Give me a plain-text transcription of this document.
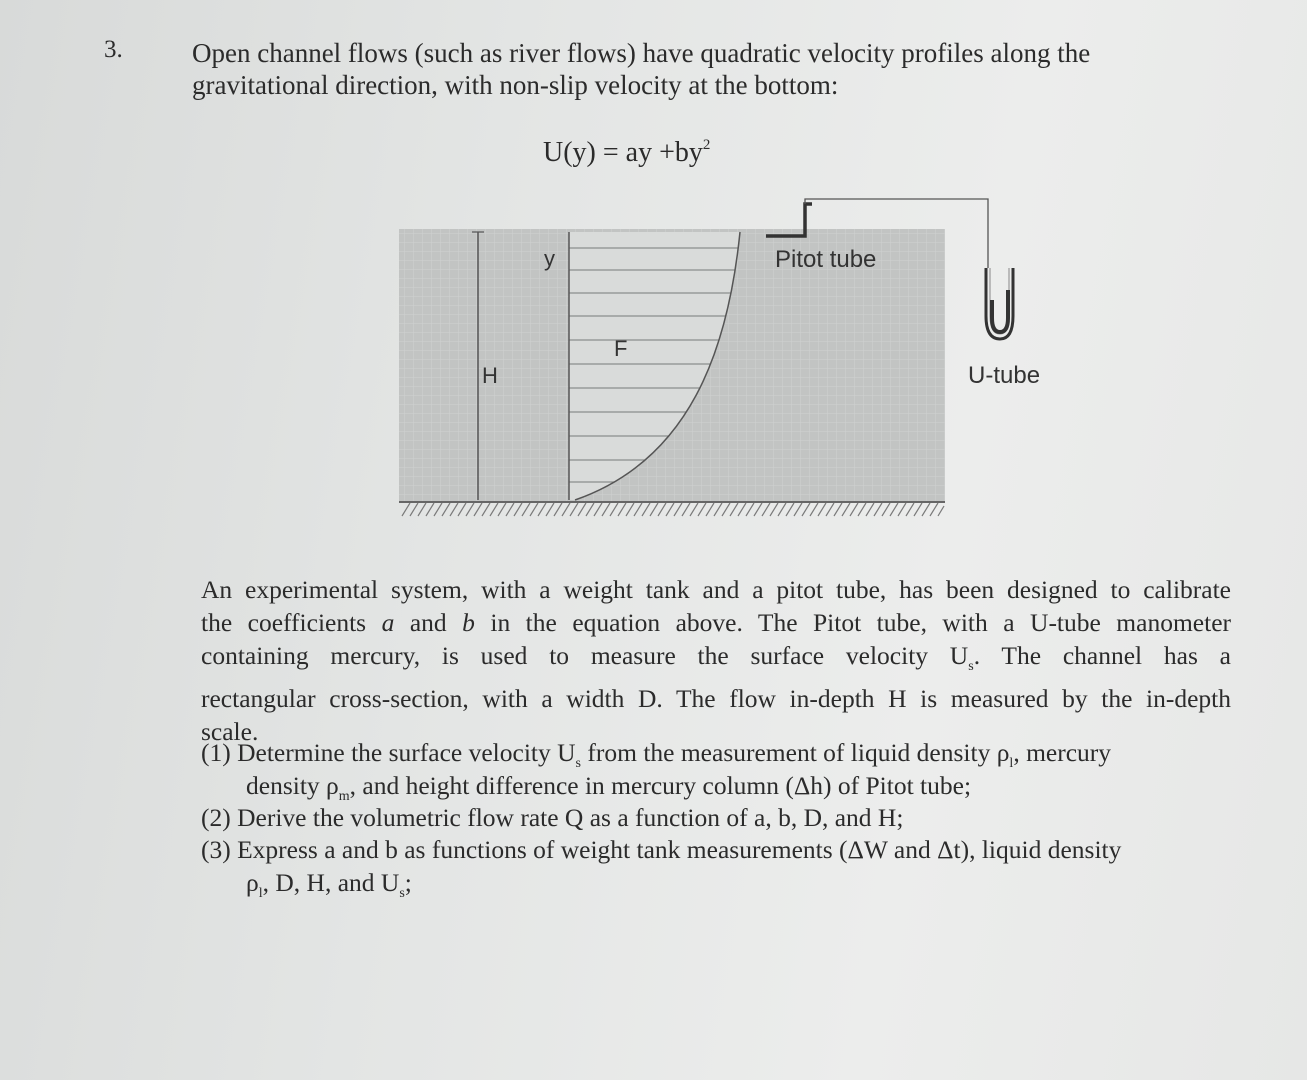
3.	Open channel flows (such as river flows) have quadratic velocity profiles along the
gravitational direction, with non-slip velocity at the bottom:
U(y) = ay $+by^2$
y
H
F
Pitot tube
U-tube
An experimental system, with a weight tank and a pitot tube, has been designed to calibrate
the coefficients a and b in the equation above. The Pitot tube, with a U-tube manometer
containing mercury, is used to measure the surface velocity $U_s$. The channel has a
rectangular cross-section, with a width D. The flow in-depth H is measured by the in-depth
scale.
(1) Determine the surface velocity $U_s$ from the measurement of liquid density $\rho_l$, mercury
density $\rho_m$, and height difference in mercury column (Δh) of Pitot tube;
(2) Derive the volumetric flow rate Q as a function of a, b, D, and H;
(3) Express a and b as functions of weight tank measurements (ΔW and Δt), liquid density
$\rho_l$, D, H, and $U_s$;
